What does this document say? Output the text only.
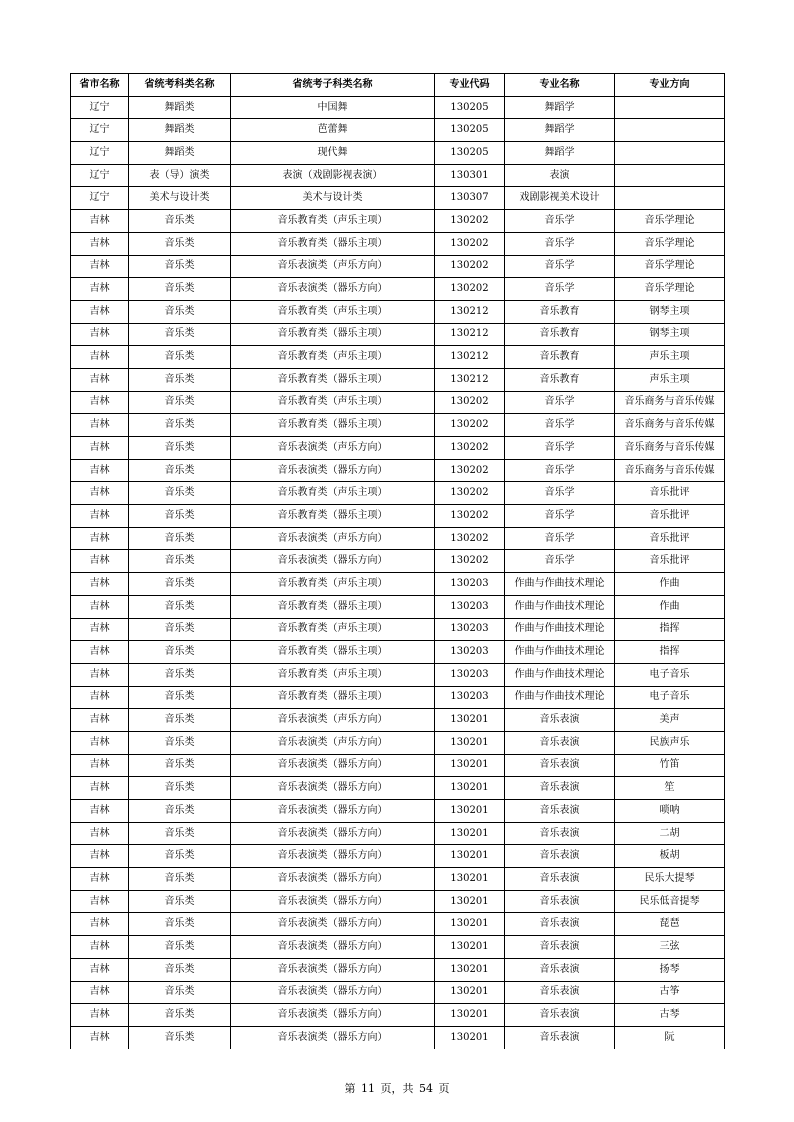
省市名称	省统考科类名称	省统考子科类名称	专业代码	专业名称	专业方向
辽宁	舞蹈类	中国舞	130205	舞蹈学	
辽宁	舞蹈类	芭蕾舞	130205	舞蹈学	
辽宁	舞蹈类	现代舞	130205	舞蹈学	
辽宁	表（导）演类	表演（戏剧影视表演）	130301	表演	
辽宁	美术与设计类	美术与设计类	130307	戏剧影视美术设计	
吉林	音乐类	音乐教育类（声乐主项）	130202	音乐学	音乐学理论
吉林	音乐类	音乐教育类（器乐主项）	130202	音乐学	音乐学理论
吉林	音乐类	音乐表演类（声乐方向）	130202	音乐学	音乐学理论
吉林	音乐类	音乐表演类（器乐方向）	130202	音乐学	音乐学理论
吉林	音乐类	音乐教育类（声乐主项）	130212	音乐教育	钢琴主项
吉林	音乐类	音乐教育类（器乐主项）	130212	音乐教育	钢琴主项
吉林	音乐类	音乐教育类（声乐主项）	130212	音乐教育	声乐主项
吉林	音乐类	音乐教育类（器乐主项）	130212	音乐教育	声乐主项
吉林	音乐类	音乐教育类（声乐主项）	130202	音乐学	音乐商务与音乐传媒
吉林	音乐类	音乐教育类（器乐主项）	130202	音乐学	音乐商务与音乐传媒
吉林	音乐类	音乐表演类（声乐方向）	130202	音乐学	音乐商务与音乐传媒
吉林	音乐类	音乐表演类（器乐方向）	130202	音乐学	音乐商务与音乐传媒
吉林	音乐类	音乐教育类（声乐主项）	130202	音乐学	音乐批评
吉林	音乐类	音乐教育类（器乐主项）	130202	音乐学	音乐批评
吉林	音乐类	音乐表演类（声乐方向）	130202	音乐学	音乐批评
吉林	音乐类	音乐表演类（器乐方向）	130202	音乐学	音乐批评
吉林	音乐类	音乐教育类（声乐主项）	130203	作曲与作曲技术理论	作曲
吉林	音乐类	音乐教育类（器乐主项）	130203	作曲与作曲技术理论	作曲
吉林	音乐类	音乐教育类（声乐主项）	130203	作曲与作曲技术理论	指挥
吉林	音乐类	音乐教育类（器乐主项）	130203	作曲与作曲技术理论	指挥
吉林	音乐类	音乐教育类（声乐主项）	130203	作曲与作曲技术理论	电子音乐
吉林	音乐类	音乐教育类（器乐主项）	130203	作曲与作曲技术理论	电子音乐
吉林	音乐类	音乐表演类（声乐方向）	130201	音乐表演	美声
吉林	音乐类	音乐表演类（声乐方向）	130201	音乐表演	民族声乐
吉林	音乐类	音乐表演类（器乐方向）	130201	音乐表演	竹笛
吉林	音乐类	音乐表演类（器乐方向）	130201	音乐表演	笙
吉林	音乐类	音乐表演类（器乐方向）	130201	音乐表演	唢呐
吉林	音乐类	音乐表演类（器乐方向）	130201	音乐表演	二胡
吉林	音乐类	音乐表演类（器乐方向）	130201	音乐表演	板胡
吉林	音乐类	音乐表演类（器乐方向）	130201	音乐表演	民乐大提琴
吉林	音乐类	音乐表演类（器乐方向）	130201	音乐表演	民乐低音提琴
吉林	音乐类	音乐表演类（器乐方向）	130201	音乐表演	琵琶
吉林	音乐类	音乐表演类（器乐方向）	130201	音乐表演	三弦
吉林	音乐类	音乐表演类（器乐方向）	130201	音乐表演	扬琴
吉林	音乐类	音乐表演类（器乐方向）	130201	音乐表演	古筝
吉林	音乐类	音乐表演类（器乐方向）	130201	音乐表演	古琴
吉林	音乐类	音乐表演类（器乐方向）	130201	音乐表演	阮
第 11 页，共 54 页
